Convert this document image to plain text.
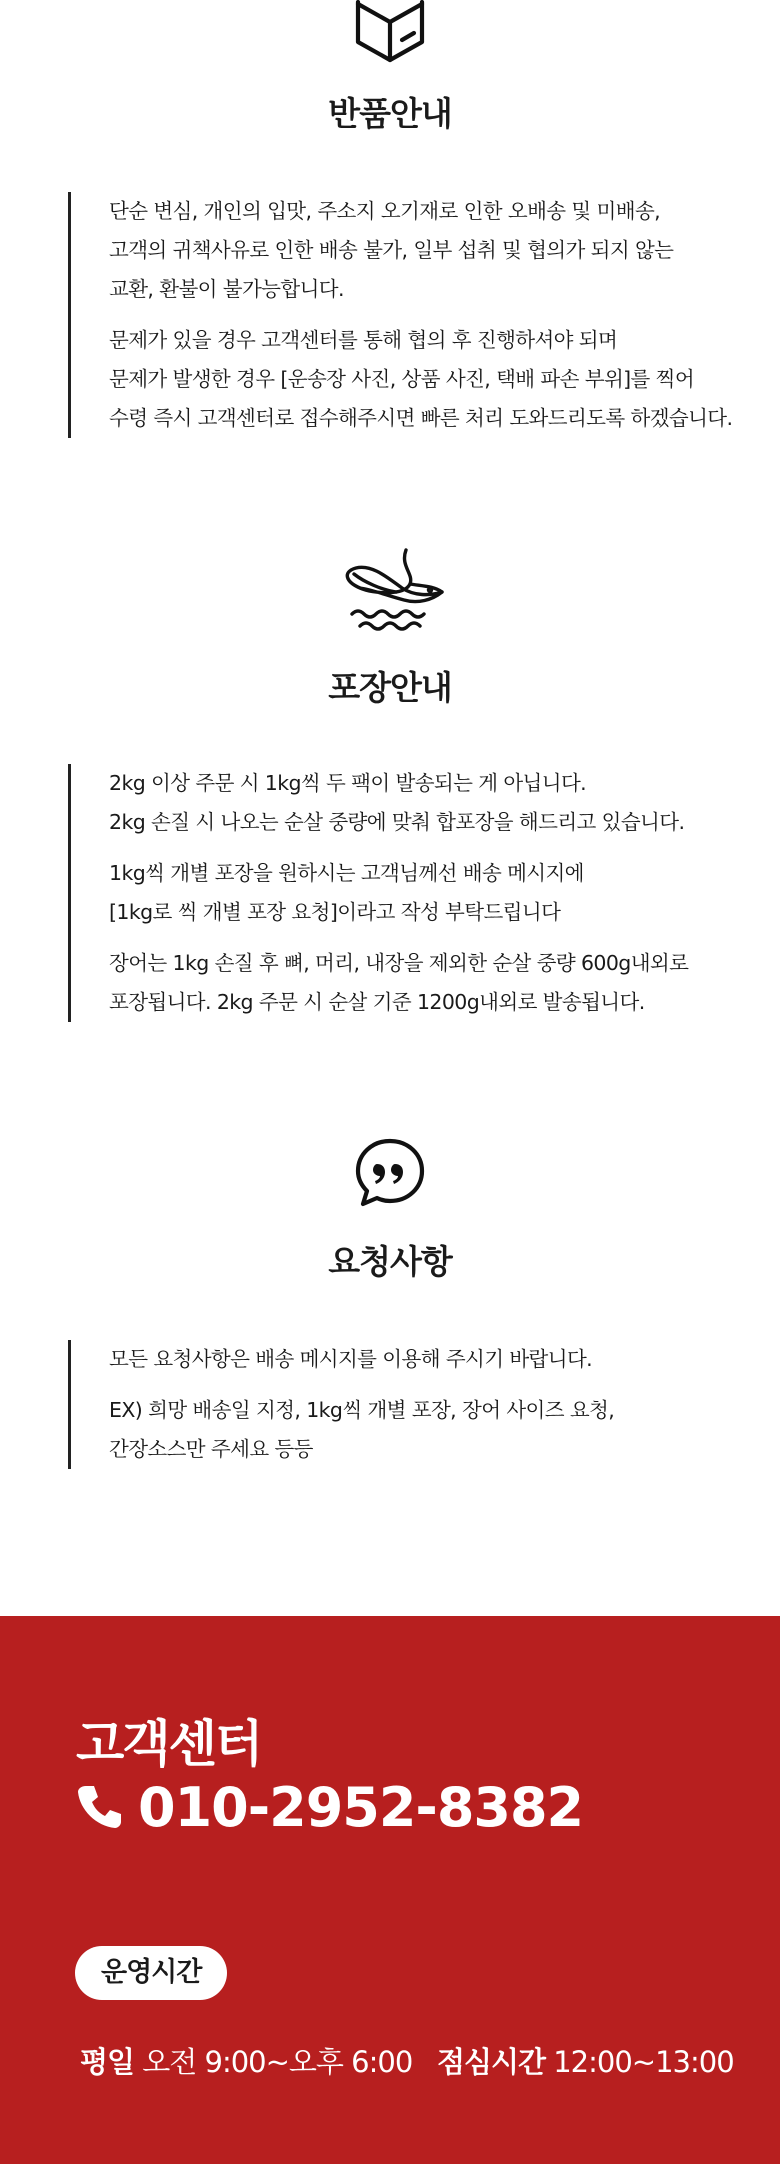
반품안내
단순 변심, 개인의 입맛, 주소지 오기재로 인한 오배송 및 미배송,
고객의 귀책사유로 인한 배송 불가, 일부 섭취 및 협의가 되지 않는
교환, 환불이 불가능합니다.
문제가 있을 경우 고객센터를 통해 협의 후 진행하셔야 되며
문제가 발생한 경우 [운송장 사진, 상품 사진, 택배 파손 부위]를 찍어
수령 즉시 고객센터로 접수해주시면 빠른 처리 도와드리도록 하겠습니다.
포장안내
2kg 이상 주문 시 1kg씩 두 팩이 발송되는 게 아닙니다.
2kg 손질 시 나오는 순살 중량에 맞춰 합포장을 해드리고 있습니다.
1kg씩 개별 포장을 원하시는 고객님께선 배송 메시지에
[1kg로 씩 개별 포장 요청]이라고 작성 부탁드립니다
장어는 1kg 손질 후 뼈, 머리, 내장을 제외한 순살 중량 600g내외로
포장됩니다. 2kg 주문 시 순살 기준 1200g내외로 발송됩니다.
요청사항
모든 요청사항은 배송 메시지를 이용해 주시기 바랍니다.
EX) 희망 배송일 지정, 1kg씩 개별 포장, 장어 사이즈 요청,
간장소스만 주세요 등등
고객센터
010-2952-8382
운영시간
평일 오전 9:00~오후 6:00 점심시간 12:00~13:00
